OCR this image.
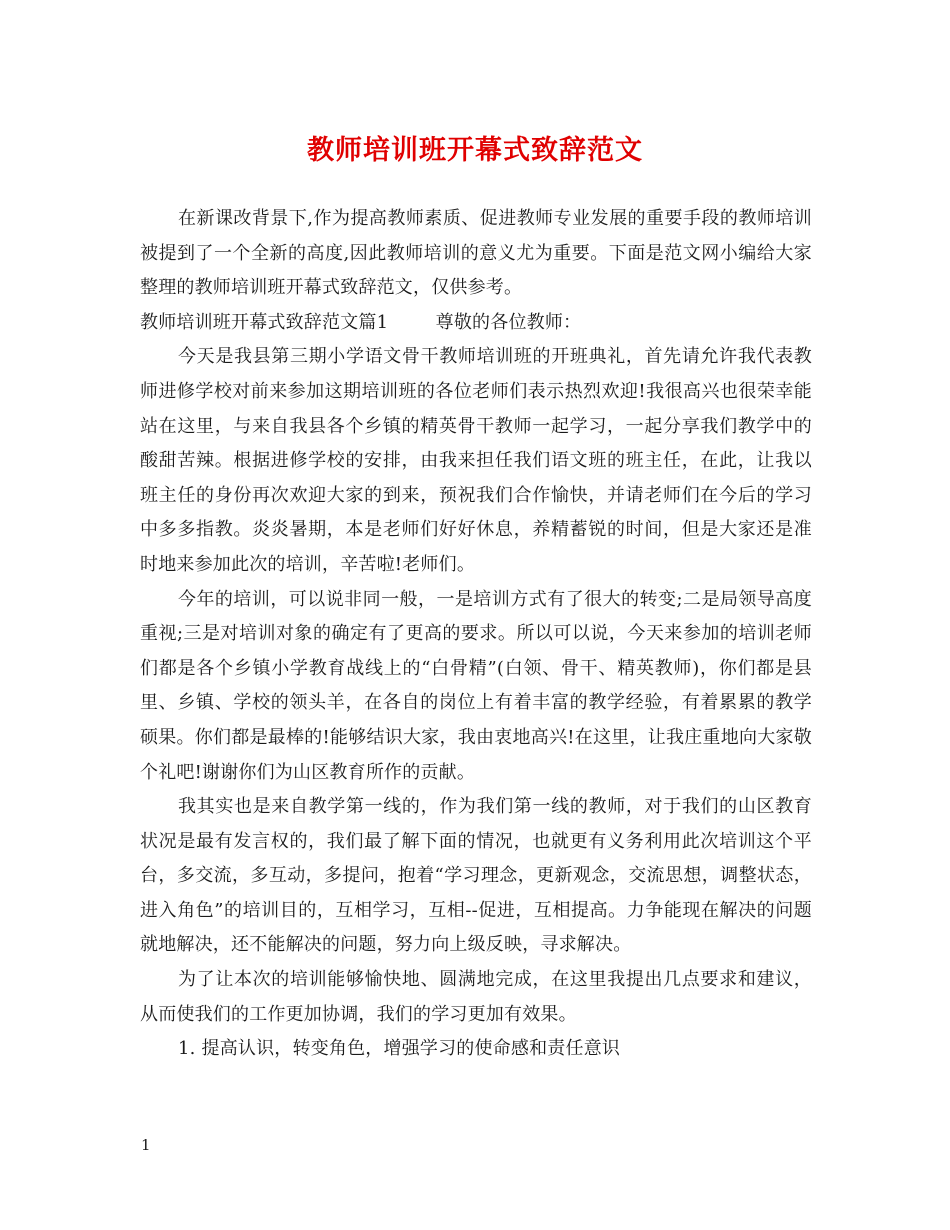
教师培训班开幕式致辞范文

在新课改背景下,作为提高教师素质、促进教师专业发展的重要手段的教师培训被提到了一个全新的高度,因此教师培训的意义尤为重要。下面是范文网小编给大家整理的教师培训班开幕式致辞范文，仅供参考。

教师培训班开幕式致辞范文篇1	尊敬的各位教师：

今天是我县第三期小学语文骨干教师培训班的开班典礼，首先请允许我代表教师进修学校对前来参加这期培训班的各位老师们表示热烈欢迎!我很高兴也很荣幸能站在这里，与来自我县各个乡镇的精英骨干教师一起学习，一起分享我们教学中的酸甜苦辣。根据进修学校的安排，由我来担任我们语文班的班主任，在此，让我以班主任的身份再次欢迎大家的到来，预祝我们合作愉快，并请老师们在今后的学习中多多指教。炎炎暑期，本是老师们好好休息，养精蓄锐的时间，但是大家还是准时地来参加此次的培训，辛苦啦!老师们。

今年的培训，可以说非同一般，一是培训方式有了很大的转变;二是局领导高度重视;三是对培训对象的确定有了更高的要求。所以可以说，今天来参加的培训老师们都是各个乡镇小学教育战线上的“白骨精”(白领、骨干、精英教师)，你们都是县里、乡镇、学校的领头羊，在各自的岗位上有着丰富的教学经验，有着累累的教学硕果。你们都是最棒的!能够结识大家，我由衷地高兴!在这里，让我庄重地向大家敬个礼吧!谢谢你们为山区教育所作的贡献。

我其实也是来自教学第一线的，作为我们第一线的教师，对于我们的山区教育状况是最有发言权的，我们最了解下面的情况，也就更有义务利用此次培训这个平台，多交流，多互动，多提问，抱着“学习理念，更新观念，交流思想，调整状态，进入角色”的培训目的，互相学习，互相--促进，互相提高。力争能现在解决的问题就地解决，还不能解决的问题，努力向上级反映，寻求解决。

为了让本次的培训能够愉快地、圆满地完成，在这里我提出几点要求和建议，从而使我们的工作更加协调，我们的学习更加有效果。

1. 提高认识，转变角色，增强学习的使命感和责任意识

1
